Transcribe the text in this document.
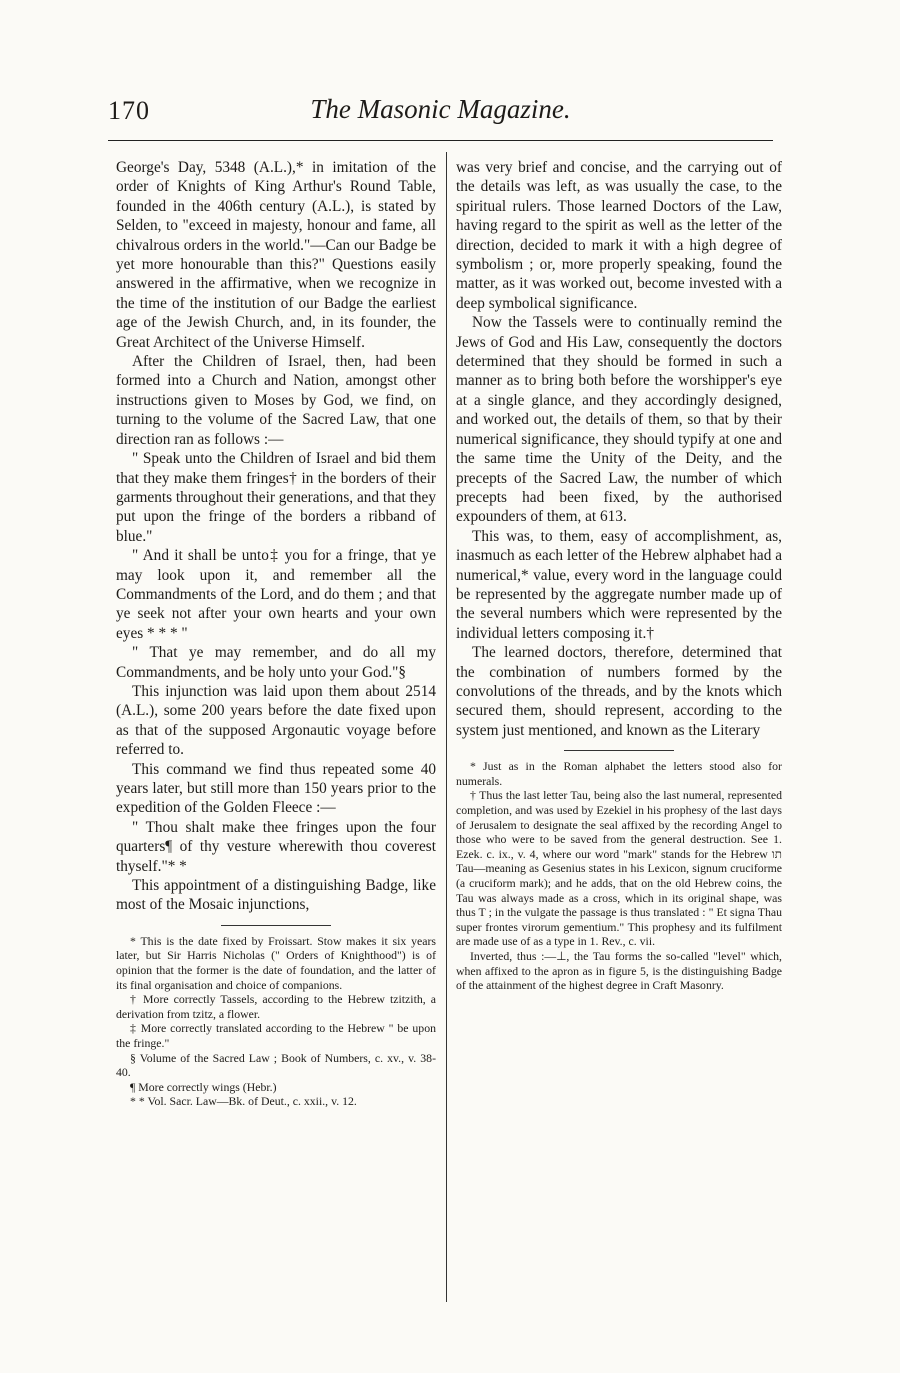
170	The Masonic Magazine.

George's Day, 5348 (A.L.),* in imitation of the order of Knights of King Arthur's Round Table, founded in the 406th century (A.L.), is stated by Selden, to "exceed in majesty, honour and fame, all chivalrous orders in the world."—Can our Badge be yet more honourable than this?" Questions easily answered in the affirmative, when we recognize in the time of the institution of our Badge the earliest age of the Jewish Church, and, in its founder, the Great Architect of the Universe Himself.

After the Children of Israel, then, had been formed into a Church and Nation, amongst other instructions given to Moses by God, we find, on turning to the volume of the Sacred Law, that one direction ran as follows :—

" Speak unto the Children of Israel and bid them that they make them fringes† in the borders of their garments throughout their generations, and that they put upon the fringe of the borders a ribband of blue."

" And it shall be unto‡ you for a fringe, that ye may look upon it, and remember all the Commandments of the Lord, and do them ; and that ye seek not after your own hearts and your own eyes * * * "

" That ye may remember, and do all my Commandments, and be holy unto your God."§

This injunction was laid upon them about 2514 (A.L.), some 200 years before the date fixed upon as that of the supposed Argonautic voyage before referred to.

This command we find thus repeated some 40 years later, but still more than 150 years prior to the expedition of the Golden Fleece :—

" Thou shalt make thee fringes upon the four quarters¶ of thy vesture wherewith thou coverest thyself."* *

This appointment of a distinguishing Badge, like most of the Mosaic injunctions,

* This is the date fixed by Froissart. Stow makes it six years later, but Sir Harris Nicholas (" Orders of Knighthood") is of opinion that the former is the date of foundation, and the latter of its final organisation and choice of companions.

† More correctly Tassels, according to the Hebrew tzitzith, a derivation from tzitz, a flower.

‡ More correctly translated according to the Hebrew " be upon the fringe."

§ Volume of the Sacred Law ; Book of Numbers, c. xv., v. 38-40.

¶ More correctly wings (Hebr.)

* * Vol. Sacr. Law—Bk. of Deut., c. xxii., v. 12.

was very brief and concise, and the carrying out of the details was left, as was usually the case, to the spiritual rulers. Those learned Doctors of the Law, having regard to the spirit as well as the letter of the direction, decided to mark it with a high degree of symbolism ; or, more properly speaking, found the matter, as it was worked out, become invested with a deep symbolical significance.

Now the Tassels were to continually remind the Jews of God and His Law, consequently the doctors determined that they should be formed in such a manner as to bring both before the worshipper's eye at a single glance, and they accordingly designed, and worked out, the details of them, so that by their numerical significance, they should typify at one and the same time the Unity of the Deity, and the precepts of the Sacred Law, the number of which precepts had been fixed, by the authorised expounders of them, at 613.

This was, to them, easy of accomplishment, as, inasmuch as each letter of the Hebrew alphabet had a numerical,* value, every word in the language could be represented by the aggregate number made up of the several numbers which were represented by the individual letters composing it.†

The learned doctors, therefore, determined that the combination of numbers formed by the convolutions of the threads, and by the knots which secured them, should represent, according to the system just mentioned, and known as the Literary

* Just as in the Roman alphabet the letters stood also for numerals.

† Thus the last letter Tau, being also the last numeral, represented completion, and was used by Ezekiel in his prophesy of the last days of Jerusalem to designate the seal affixed by the recording Angel to those who were to be saved from the general destruction. See 1. Ezek. c. ix., v. 4, where our word "mark" stands for the Hebrew תו Tau—meaning as Gesenius states in his Lexicon, signum cruciforme (a cruciform mark); and he adds, that on the old Hebrew coins, the Tau was always made as a cross, which in its original shape, was thus T ; in the vulgate the passage is thus translated : " Et signa Thau super frontes virorum gementium." This prophesy and its fulfilment are made use of as a type in 1. Rev., c. vii.

Inverted, thus :—⊥, the Tau forms the so-called "level" which, when affixed to the apron as in figure 5, is the distinguishing Badge of the attainment of the highest degree in Craft Masonry.
